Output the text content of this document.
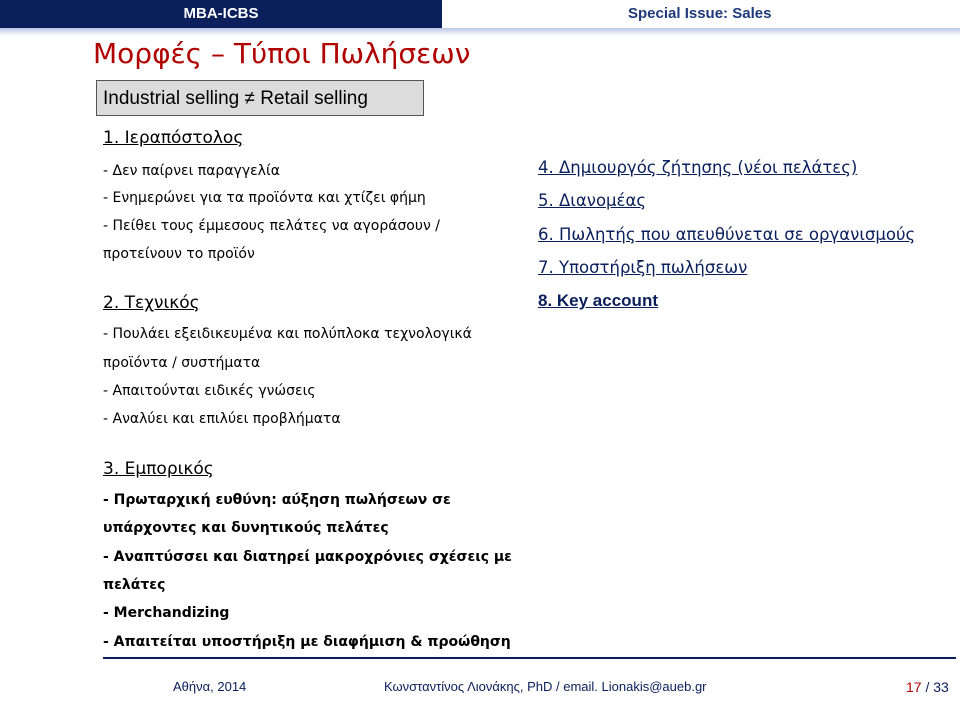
MBA-ICBS	Special Issue: Sales
Μορφές – Τύποι Πωλήσεων
Industrial selling ≠ Retail selling
1. Ιεραπόστολος
- Δεν παίρνει παραγγελία
- Ενημερώνει για τα προϊόντα και χτίζει φήμη
- Πείθει τους έμμεσους πελάτες να αγοράσουν /
προτείνουν το προϊόν
2. Τεχνικός
- Πουλάει εξειδικευμένα και πολύπλοκα τεχνολογικά
προϊόντα / συστήματα
- Απαιτούνται ειδικές γνώσεις
- Αναλύει και επιλύει προβλήματα
3. Εμπορικός
- Πρωταρχική ευθύνη: αύξηση πωλήσεων σε
υπάρχοντες και δυνητικούς πελάτες
- Αναπτύσσει και διατηρεί μακροχρόνιες σχέσεις με
πελάτες
- Merchandizing
- Απαιτείται υποστήριξη με διαφήμιση & προώθηση
4. Δημιουργός ζήτησης (νέοι πελάτες)
5. Διανομέας
6. Πωλητής που απευθύνεται σε οργανισμούς
7. Υποστήριξη πωλήσεων
8. Key account
Αθήνα, 2014	Κωνσταντίνος Λιονάκης, PhD / email. Lionakis@aueb.gr	17 / 33
